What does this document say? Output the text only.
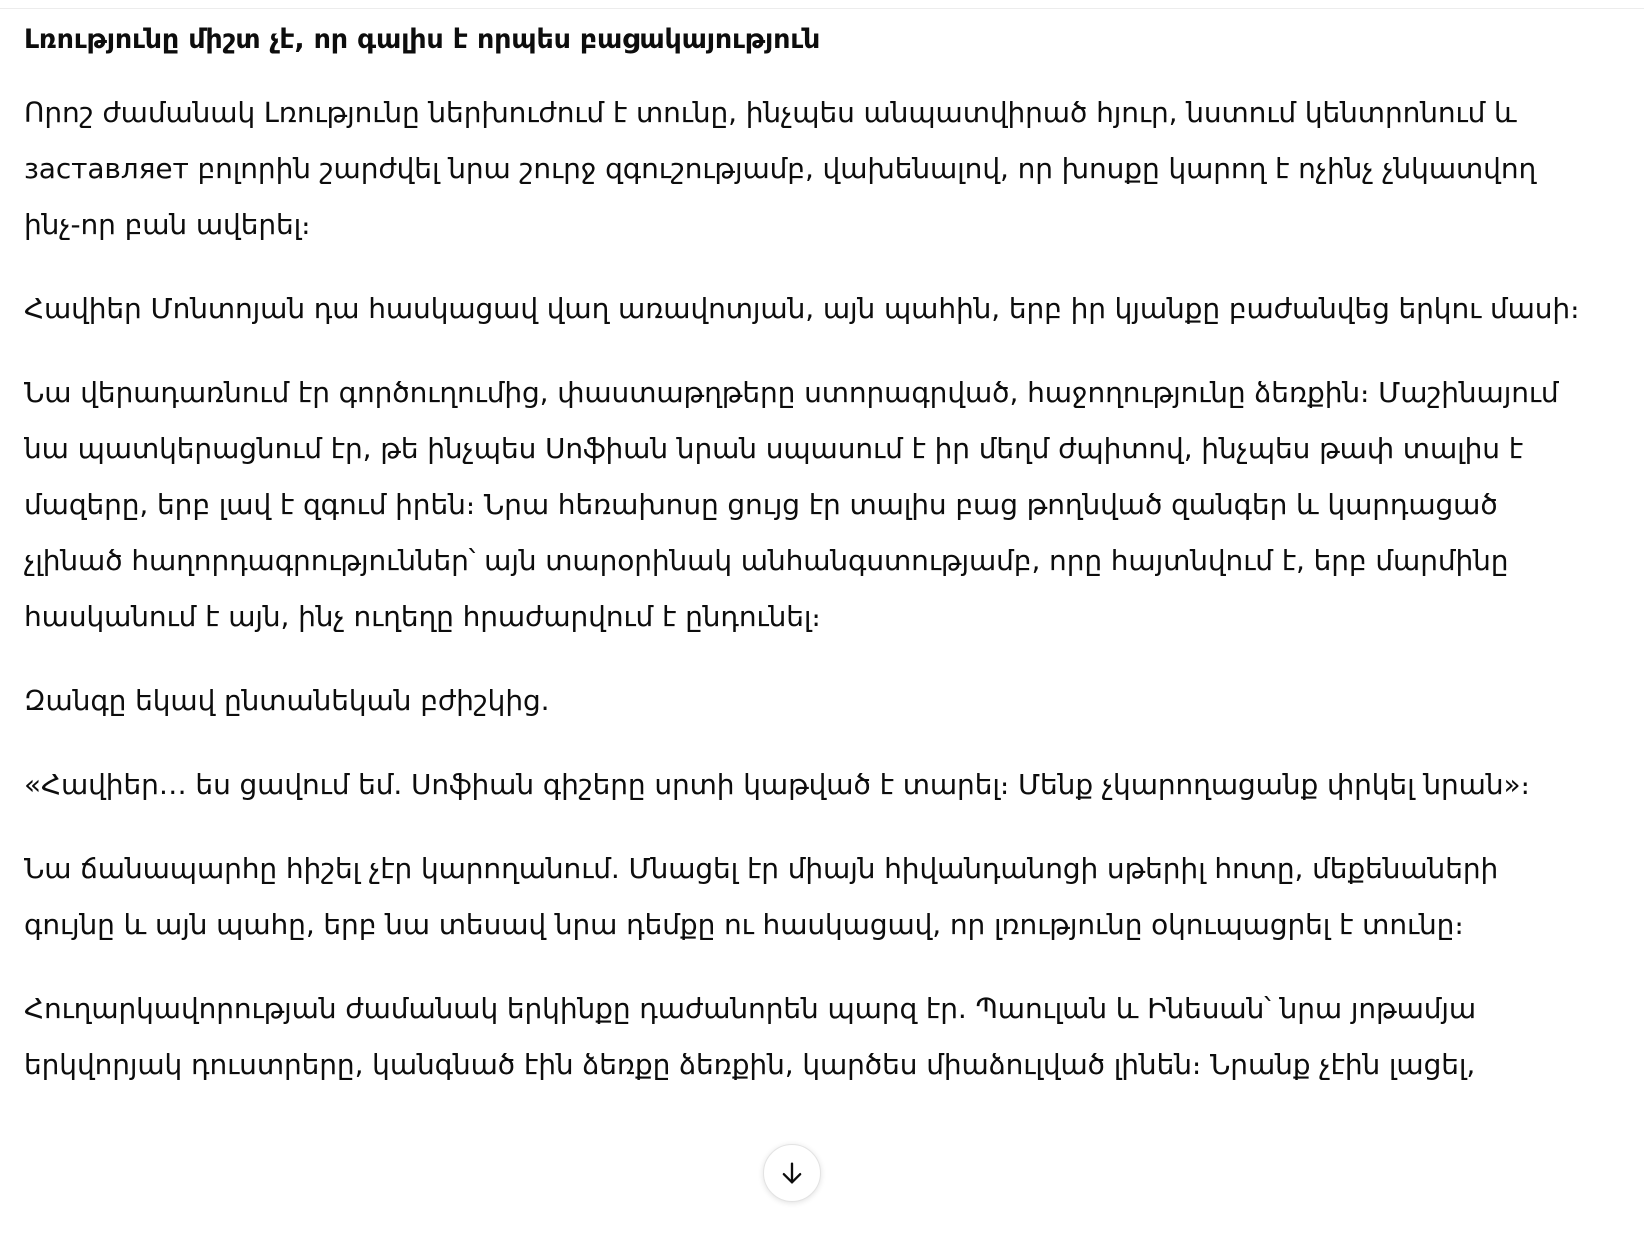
Լռությունը միշտ չէ, որ գալիս է որպես բացակայություն

Որոշ ժամանակ Լռությունը ներխուժում է տունը, ինչպես անպատվիրած հյուր, նստում կենտրոնում և заставляет բոլորին շարժվել նրա շուրջ զգուշությամբ, վախենալով, որ խոսքը կարող է ոչինչ չնկատվող ինչ-որ բան ավերել։

Հավիեր Մոնտոյան դա հասկացավ վաղ առավոտյան, այն պահին, երբ իր կյանքը բաժանվեց երկու մասի։

Նա վերադառնում էր գործուղումից, փաստաթղթերը ստորագրված, հաջողությունը ձեռքին։ Մաշինայում նա պատկերացնում էր, թե ինչպես Սոֆիան նրան սպասում է իր մեղմ ժպիտով, ինչպես թափ տալիս է մազերը, երբ լավ է զգում իրեն։ Նրա հեռախոսը ցույց էր տալիս բաց թողնված զանգեր և կարդացած չլինած հաղորդագրություններ՝ այն տարօրինակ անհանգստությամբ, որը հայտնվում է, երբ մարմինը հասկանում է այն, ինչ ուղեղը հրաժարվում է ընդունել։

Զանգը եկավ ընտանեկան բժիշկից.

«Հավիեր… ես ցավում եմ. Սոֆիան գիշերը սրտի կաթված է տարել։ Մենք չկարողացանք փրկել նրան»։

Նա ճանապարհը հիշել չէր կարողանում. Մնացել էր միայն հիվանդանոցի սթերիլ հոտը, մեքենաների գույնը և այն պահը, երբ նա տեսավ նրա դեմքը ու հասկացավ, որ լռությունը օկուպացրել է տունը։

Հուղարկավորության ժամանակ երկինքը դաժանորեն պարզ էր. Պաուլան և Ինեսան՝ նրա յոթամյա երկվորյակ դուստրերը, կանգնած էին ձեռքը ձեռքին, կարծես միաձուլված լինեն։ Նրանք չէին լացել,
